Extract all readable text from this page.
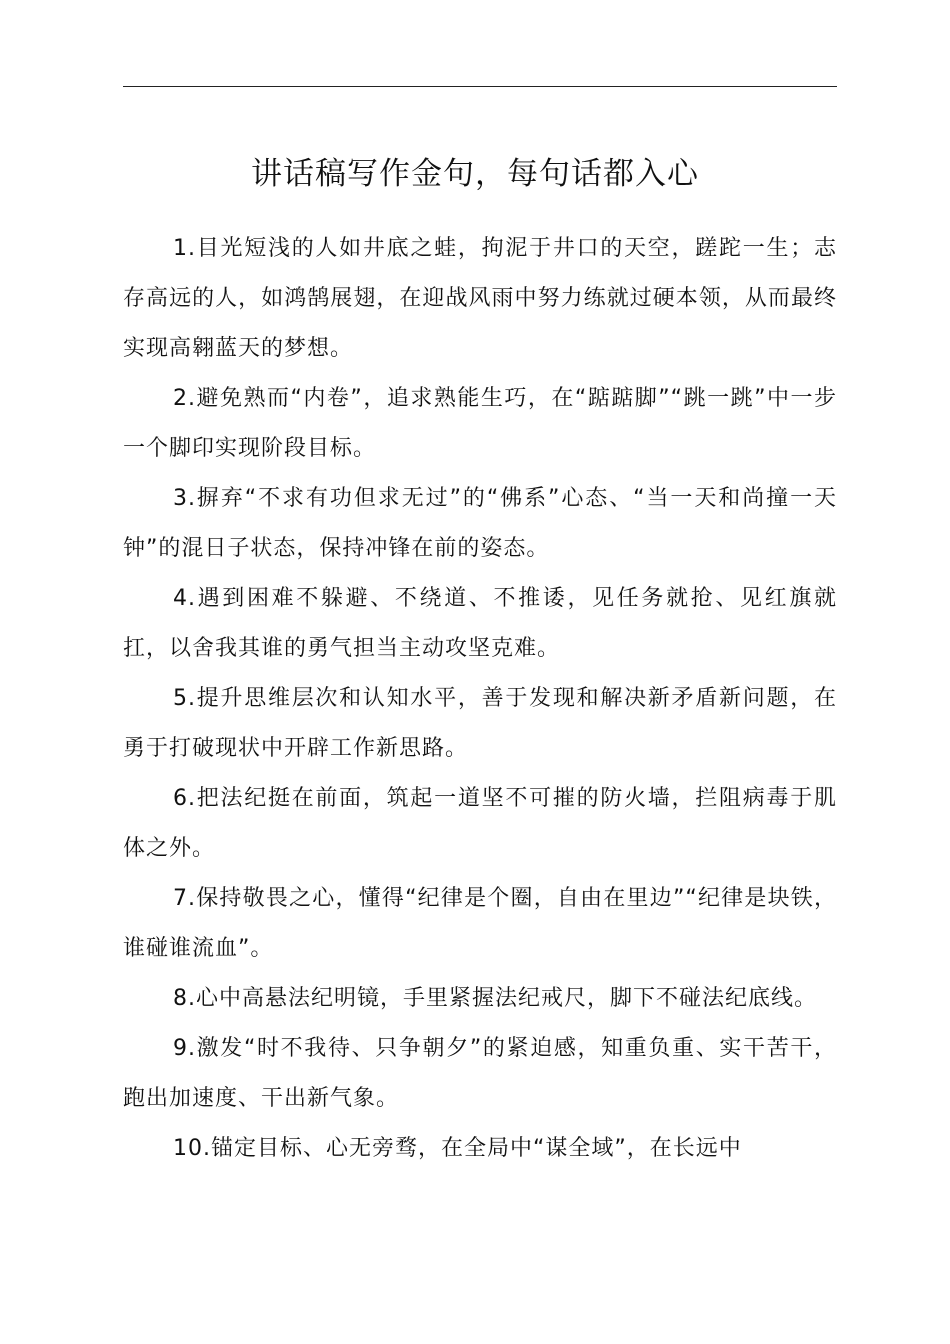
讲话稿写作金句，每句话都入心

1.目光短浅的人如井底之蛙，拘泥于井口的天空，蹉跎一生；志存高远的人，如鸿鹄展翅，在迎战风雨中努力练就过硬本领，从而最终实现高翱蓝天的梦想。

2.避免熟而“内卷”，追求熟能生巧，在“踮踮脚”“跳一跳”中一步一个脚印实现阶段目标。

3.摒弃“不求有功但求无过”的“佛系”心态、“当一天和尚撞一天钟”的混日子状态，保持冲锋在前的姿态。

4.遇到困难不躲避、不绕道、不推诿，见任务就抢、见红旗就扛，以舍我其谁的勇气担当主动攻坚克难。

5.提升思维层次和认知水平，善于发现和解决新矛盾新问题，在勇于打破现状中开辟工作新思路。

6.把法纪挺在前面，筑起一道坚不可摧的防火墙，拦阻病毒于肌体之外。

7.保持敬畏之心，懂得“纪律是个圈，自由在里边”“纪律是块铁，谁碰谁流血”。

8.心中高悬法纪明镜，手里紧握法纪戒尺，脚下不碰法纪底线。

9.激发“时不我待、只争朝夕”的紧迫感，知重负重、实干苦干，跑出加速度、干出新气象。

10.锚定目标、心无旁骛，在全局中“谋全域”，在长远中
